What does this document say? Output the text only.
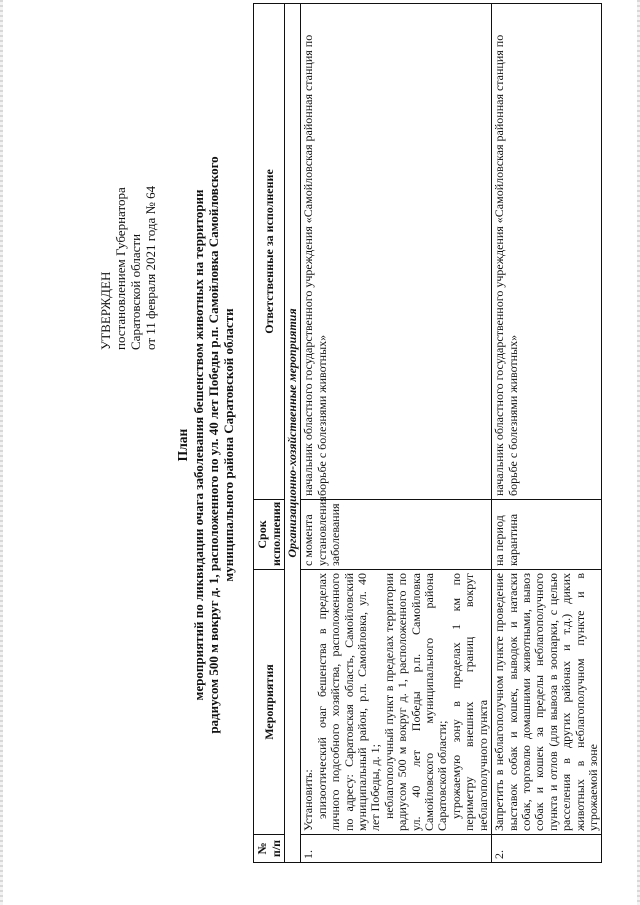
УТВЕРЖДЕН постановлением Губернатора Саратовской области от 11 февраля 2021 года № 64
План мероприятий по ликвидации очага заболевания бешенством животных на территории радиусом 500 м вокруг д. 1, расположенного по ул. 40 лет Победы р.п. Самойловка Самойловского муниципального района Саратовской области
№ п/п	Мероприятия	Срок исполнения	Ответственные за исполнение
Организационно-хозяйственные мероприятия			
1.	Установить: эпизоотический очаг бешенства в пределах личного подсобного хозяйства, расположенного по адресу: Саратовская область, Самойловский муниципальный район, р.п. Самойловка, ул. 40 лет Победы, д. 1; неблагополучный пункт в пределах территории радиусом 500 м вокруг д. 1, расположенного по ул. 40 лет Победы р.п. Самойловка Самойловского муниципального района Саратовской области; угрожаемую зону в пределах 1 км по периметру внешних границ вокруг неблагополучного пункта	с момента установления заболевания	начальник областного государственного учреждения «Самойловская районная станция по борьбе с болезнями животных»
2.	Запретить в неблагополучном пункте проведение выставок собак и кошек, выводок и натаски собак, торговлю домашними животными, вывоз собак и кошек за пределы неблагополучного пункта и отлов (для вывоза в зоопарки, с целью расселения в других районах и т.д.) диких животных в неблагополучном пункте и в угрожаемой зоне	на период карантина	начальник областного государственного учреждения «Самойловская районная станция по борьбе с болезнями животных»
